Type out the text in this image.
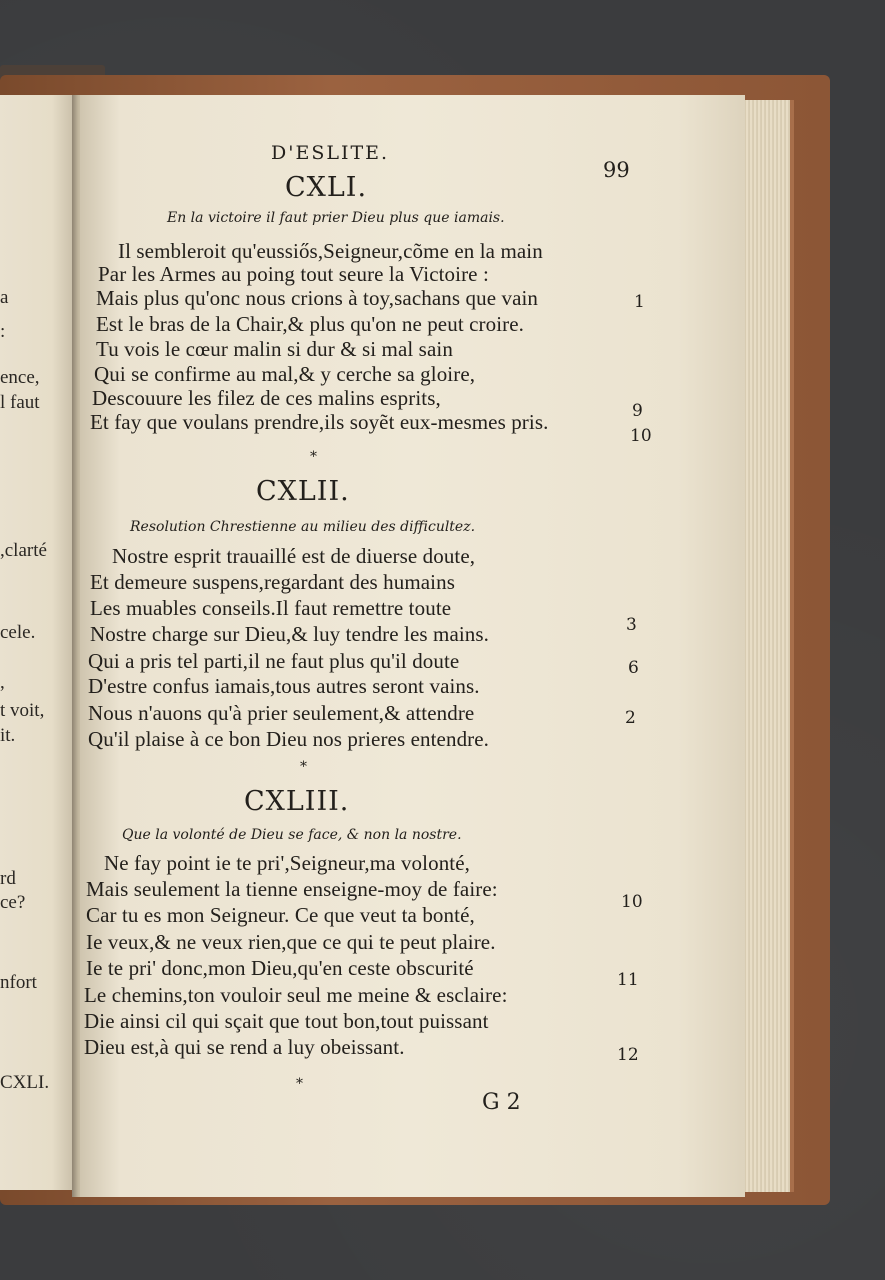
a
:
ence,
l faut
,clarté
cele.
,
t voit,
it.
rd
ce?
nfort
CXLI.
D'ESLITE.
99
CXLI.
En la victoire il faut prier Dieu plus que iamais.
Il sembleroit qu'eussiős,Seigneur,cõme en la main
Par les Armes au poing tout seure la Victoire :
Mais plus qu'onc nous crions à toy,sachans que vain	1
Est le bras de la Chair,& plus qu'on ne peut croire.
Tu vois le cœur malin si dur & si mal sain
Qui se confirme au mal,& y cerche sa gloire,
Descouure les filez de ces malins esprits,
9
Et fay que voulans prendre,ils soyẽt eux-mesmes pris.
10
*
CXLII.
Resolution Chrestienne au milieu des difficultez.
Nostre esprit trauaillé est de diuerse doute,
Et demeure suspens,regardant des humains
Les muables conseils.Il faut remettre toute
3
Nostre charge sur Dieu,& luy tendre les mains.
Qui a pris tel parti,il ne faut plus qu'il doute	6
D'estre confus iamais,tous autres seront vains.
Nous n'auons qu'à prier seulement,& attendre	2
Qu'il plaise à ce bon Dieu nos prieres entendre.
*
CXLIII.
Que la volonté de Dieu se face, & non la nostre.
Ne fay point ie te pri',Seigneur,ma volonté,
Mais seulement la tienne enseigne-moy de faire:
10
Car tu es mon Seigneur. Ce que veut ta bonté,
Ie veux,& ne veux rien,que ce qui te peut plaire.
Ie te pri' donc,mon Dieu,qu'en ceste obscurité	11
Le chemins,ton vouloir seul me meine & esclaire:
Die ainsi cil qui sçait que tout bon,tout puissant
Dieu est,à qui se rend a luy obeissant.	12
*
G 2
